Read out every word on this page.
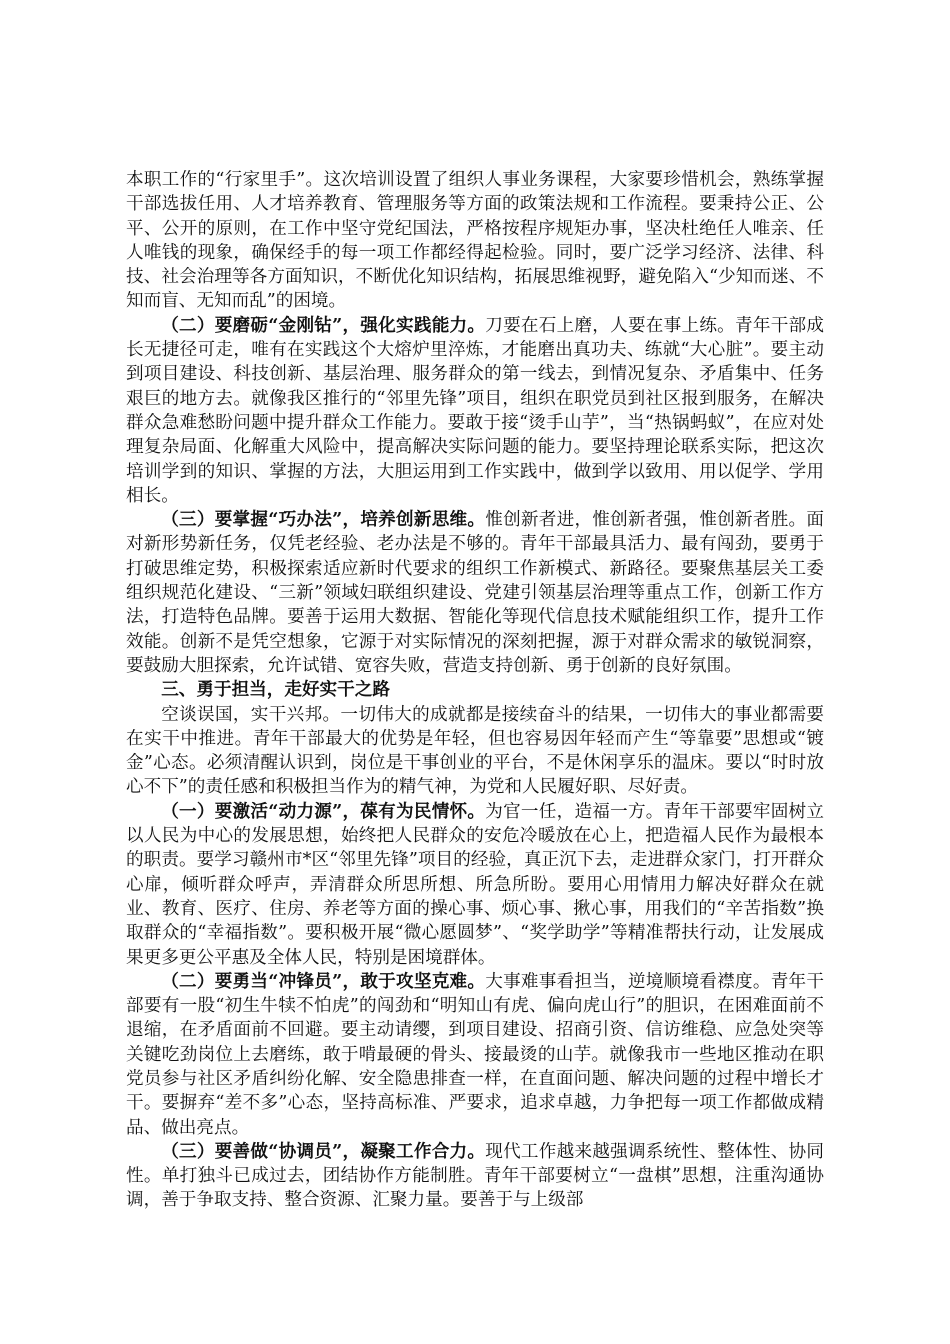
本职工作的“行家里手”。这次培训设置了组织人事业务课程，大家要珍惜机会，熟练掌握干部选拔任用、人才培养教育、管理服务等方面的政策法规和工作流程。要秉持公正、公平、公开的原则，在工作中坚守党纪国法，严格按程序规矩办事，坚决杜绝任人唯亲、任人唯钱的现象，确保经手的每一项工作都经得起检验。同时，要广泛学习经济、法律、科技、社会治理等各方面知识，不断优化知识结构，拓展思维视野，避免陷入“少知而迷、不知而盲、无知而乱”的困境。

（二）要磨砺“金刚钻”，强化实践能力。刀要在石上磨，人要在事上练。青年干部成长无捷径可走，唯有在实践这个大熔炉里淬炼，才能磨出真功夫、练就“大心脏”。要主动到项目建设、科技创新、基层治理、服务群众的第一线去，到情况复杂、矛盾集中、任务艰巨的地方去。就像我区推行的“邻里先锋”项目，组织在职党员到社区报到服务，在解决群众急难愁盼问题中提升群众工作能力。要敢于接“烫手山芋”，当“热锅蚂蚁”，在应对处理复杂局面、化解重大风险中，提高解决实际问题的能力。要坚持理论联系实际，把这次培训学到的知识、掌握的方法，大胆运用到工作实践中，做到学以致用、用以促学、学用相长。

（三）要掌握“巧办法”，培养创新思维。惟创新者进，惟创新者强，惟创新者胜。面对新形势新任务，仅凭老经验、老办法是不够的。青年干部最具活力、最有闯劲，要勇于打破思维定势，积极探索适应新时代要求的组织工作新模式、新路径。要聚焦基层关工委组织规范化建设、“三新”领域妇联组织建设、党建引领基层治理等重点工作，创新工作方法，打造特色品牌。要善于运用大数据、智能化等现代信息技术赋能组织工作，提升工作效能。创新不是凭空想象，它源于对实际情况的深刻把握，源于对群众需求的敏锐洞察，要鼓励大胆探索，允许试错、宽容失败，营造支持创新、勇于创新的良好氛围。

三、勇于担当，走好实干之路

空谈误国，实干兴邦。一切伟大的成就都是接续奋斗的结果，一切伟大的事业都需要在实干中推进。青年干部最大的优势是年轻，但也容易因年轻而产生“等靠要”思想或“镀金”心态。必须清醒认识到，岗位是干事创业的平台，不是休闲享乐的温床。要以“时时放心不下”的责任感和积极担当作为的精气神，为党和人民履好职、尽好责。

（一）要激活“动力源”，葆有为民情怀。为官一任，造福一方。青年干部要牢固树立以人民为中心的发展思想，始终把人民群众的安危冷暖放在心上，把造福人民作为最根本的职责。要学习赣州市*区“邻里先锋”项目的经验，真正沉下去，走进群众家门，打开群众心扉，倾听群众呼声，弄清群众所思所想、所急所盼。要用心用情用力解决好群众在就业、教育、医疗、住房、养老等方面的操心事、烦心事、揪心事，用我们的“辛苦指数”换取群众的“幸福指数”。要积极开展“微心愿圆梦”、“奖学助学”等精准帮扶行动，让发展成果更多更公平惠及全体人民，特别是困境群体。

（二）要勇当“冲锋员”，敢于攻坚克难。大事难事看担当，逆境顺境看襟度。青年干部要有一股“初生牛犊不怕虎”的闯劲和“明知山有虎、偏向虎山行”的胆识，在困难面前不退缩，在矛盾面前不回避。要主动请缨，到项目建设、招商引资、信访维稳、应急处突等关键吃劲岗位上去磨练，敢于啃最硬的骨头、接最烫的山芋。就像我市一些地区推动在职党员参与社区矛盾纠纷化解、安全隐患排查一样，在直面问题、解决问题的过程中增长才干。要摒弃“差不多”心态，坚持高标准、严要求，追求卓越，力争把每一项工作都做成精品、做出亮点。

（三）要善做“协调员”，凝聚工作合力。现代工作越来越强调系统性、整体性、协同性。单打独斗已成过去，团结协作方能制胜。青年干部要树立“一盘棋”思想，注重沟通协调，善于争取支持、整合资源、汇聚力量。要善于与上级部
